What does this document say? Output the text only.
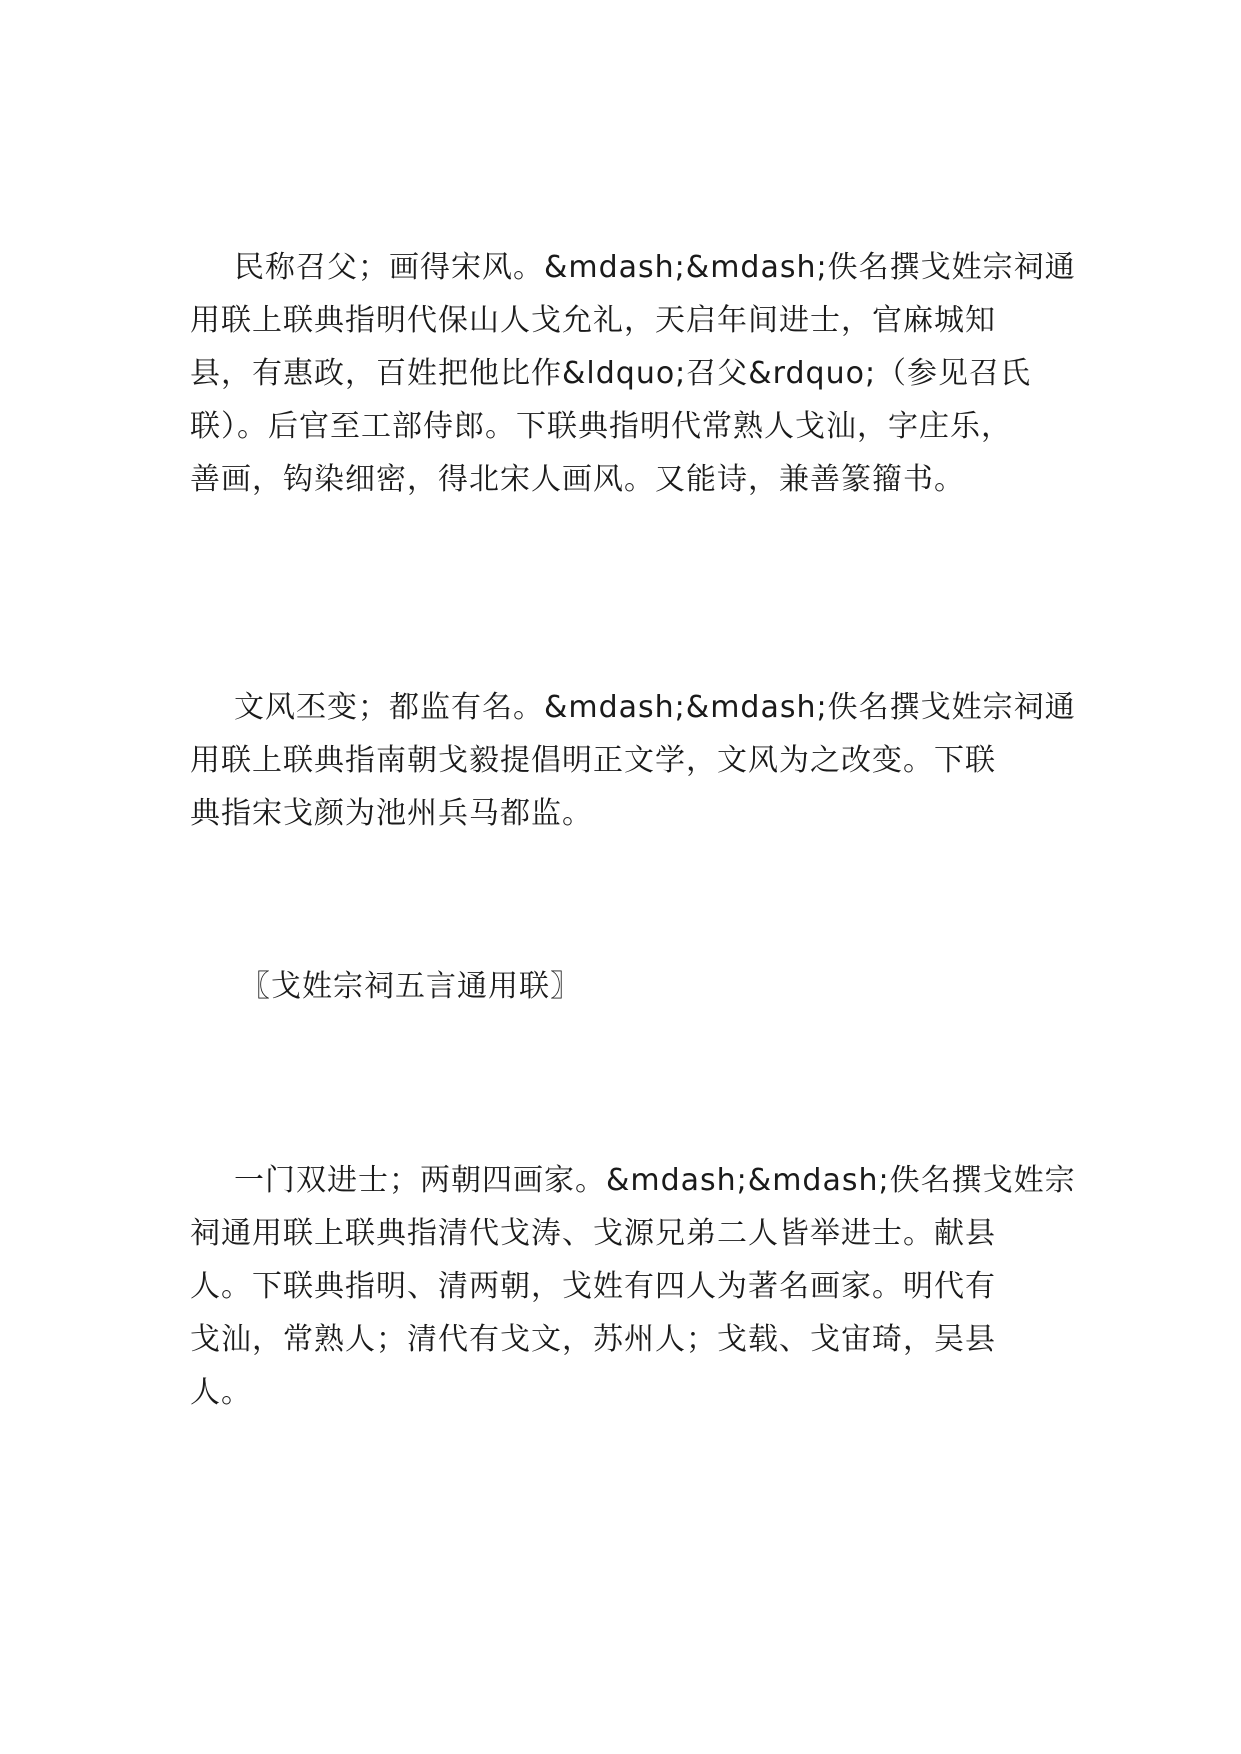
民称召父；画得宋风。&mdash;&mdash;佚名撰戈姓宗祠通
用联上联典指明代保山人戈允礼，天启年间进士，官麻城知
县，有惠政，百姓把他比作&ldquo;召父&rdquo;（参见召氏
联）。后官至工部侍郎。下联典指明代常熟人戈汕，字庄乐，
善画，钩染细密，得北宋人画风。又能诗，兼善篆籀书。

文风丕变；都监有名。&mdash;&mdash;佚名撰戈姓宗祠通
用联上联典指南朝戈毅提倡明正文学，文风为之改变。下联
典指宋戈颜为池州兵马都监。

〖戈姓宗祠五言通用联〗

一门双进士；两朝四画家。&mdash;&mdash;佚名撰戈姓宗
祠通用联上联典指清代戈涛、戈源兄弟二人皆举进士。献县
人。下联典指明、清两朝，戈姓有四人为著名画家。明代有
戈汕，常熟人；清代有戈文，苏州人；戈载、戈宙琦，吴县
人。
